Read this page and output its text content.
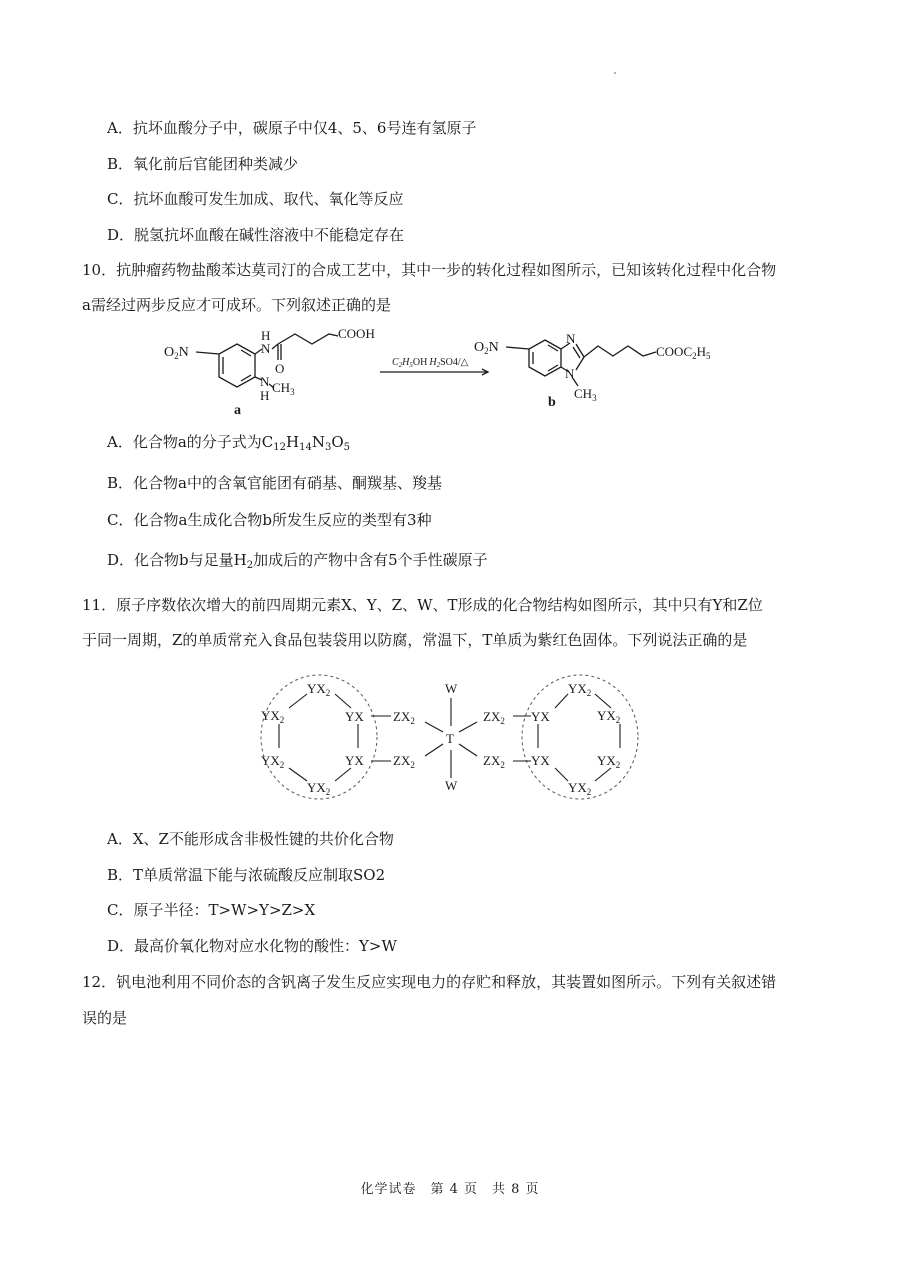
A．抗坏血酸分子中，碳原子中仅4、5、6号连有氢原子
B．氧化前后官能团种类减少
C．抗坏血酸可发生加成、取代、氧化等反应
D．脱氢抗坏血酸在碱性溶液中不能稳定存在
10．抗肿瘤药物盐酸苯达莫司汀的合成工艺中，其中一步的转化过程如图所示，已知该转化过程中化合物
a需经过两步反应才可成环。下列叙述正确的是
$O_2N$
H
N
O
COOH
N $CH_3$
H
a
$C_2H_5OH$ $H_2SO4/\triangle$
$O_2N$
N
N
$CH_3$
$COOC_2H_5$
b
A．化合物a的分子式为$C_{12}H_{14}N_3O_5$
B．化合物a中的含氧官能团有硝基、酮羰基、羧基
C．化合物a生成化合物b所发生反应的类型有3种
D．化合物b与足量$H_2$加成后的产物中含有5个手性碳原子
11．原子序数依次增大的前四周期元素X、Y、Z、W、T形成的化合物结构如图所示，其中只有Y和Z位
于同一周期，Z的单质常充入食品包装袋用以防腐，常温下，T单质为紫红色固体。下列说法正确的是
$YX_2$
$YX_2$	YX
$YX_2$	YX
$YX_2$
$ZX_2$
$ZX_2$
W
T
W
$ZX_2$
$ZX_2$
YX
YX
$YX_2$
$YX_2$
$YX_2$
$YX_2$
A．X、Z不能形成含非极性键的共价化合物
B．T单质常温下能与浓硫酸反应制取SO2
C．原子半径：T>W>Y>Z>X
D．最高价氧化物对应水化物的酸性：Y>W
12．钒电池利用不同价态的含钒离子发生反应实现电力的存贮和释放，其装置如图所示。下列有关叙述错
误的是
化学试卷　第 4 页　共 8 页
